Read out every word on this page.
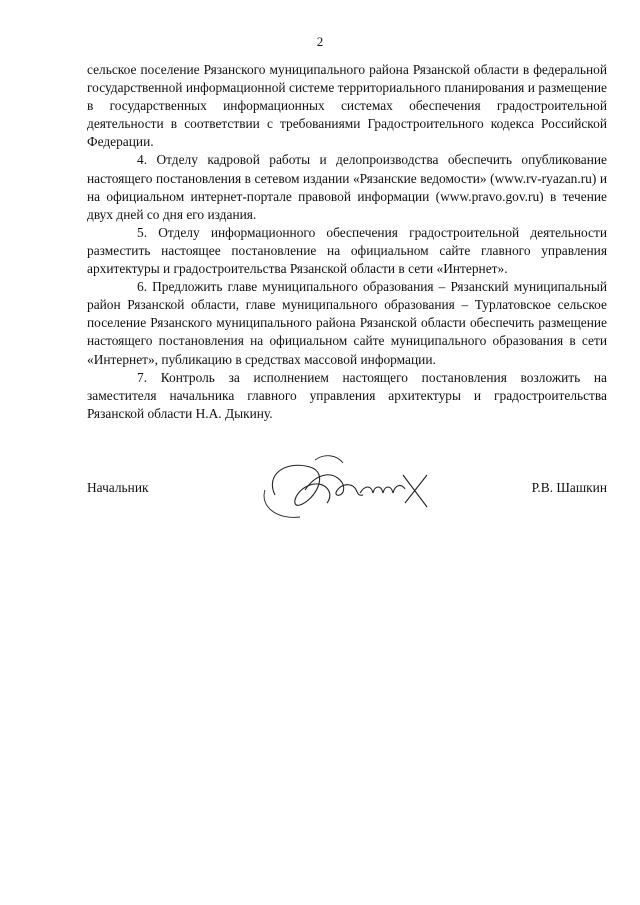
2

сельское поселение Рязанского муниципального района Рязанской области в федеральной государственной информационной системе территориального планирования и размещение в государственных информационных системах обеспечения градостроительной деятельности в соответствии с требованиями Градостроительного кодекса Российской Федерации.

4. Отделу кадровой работы и делопроизводства обеспечить опубликование настоящего постановления в сетевом издании «Рязанские ведомости» (www.rv-ryazan.ru) и на официальном интернет-портале правовой информации (www.pravo.gov.ru) в течение двух дней со дня его издания.

5. Отделу информационного обеспечения градостроительной деятельности разместить настоящее постановление на официальном сайте главного управления архитектуры и градостроительства Рязанской области в сети «Интернет».

6. Предложить главе муниципального образования – Рязанский муниципальный район Рязанской области, главе муниципального образования – Турлатовское сельское поселение Рязанского муниципального района Рязанской области обеспечить размещение настоящего постановления на официальном сайте муниципального образования в сети «Интернет», публикацию в средствах массовой информации.

7. Контроль за исполнением настоящего постановления возложить на заместителя начальника главного управления архитектуры и градостроительства Рязанской области Н.А. Дыкину.

Начальник	Р.В. Шашкин
